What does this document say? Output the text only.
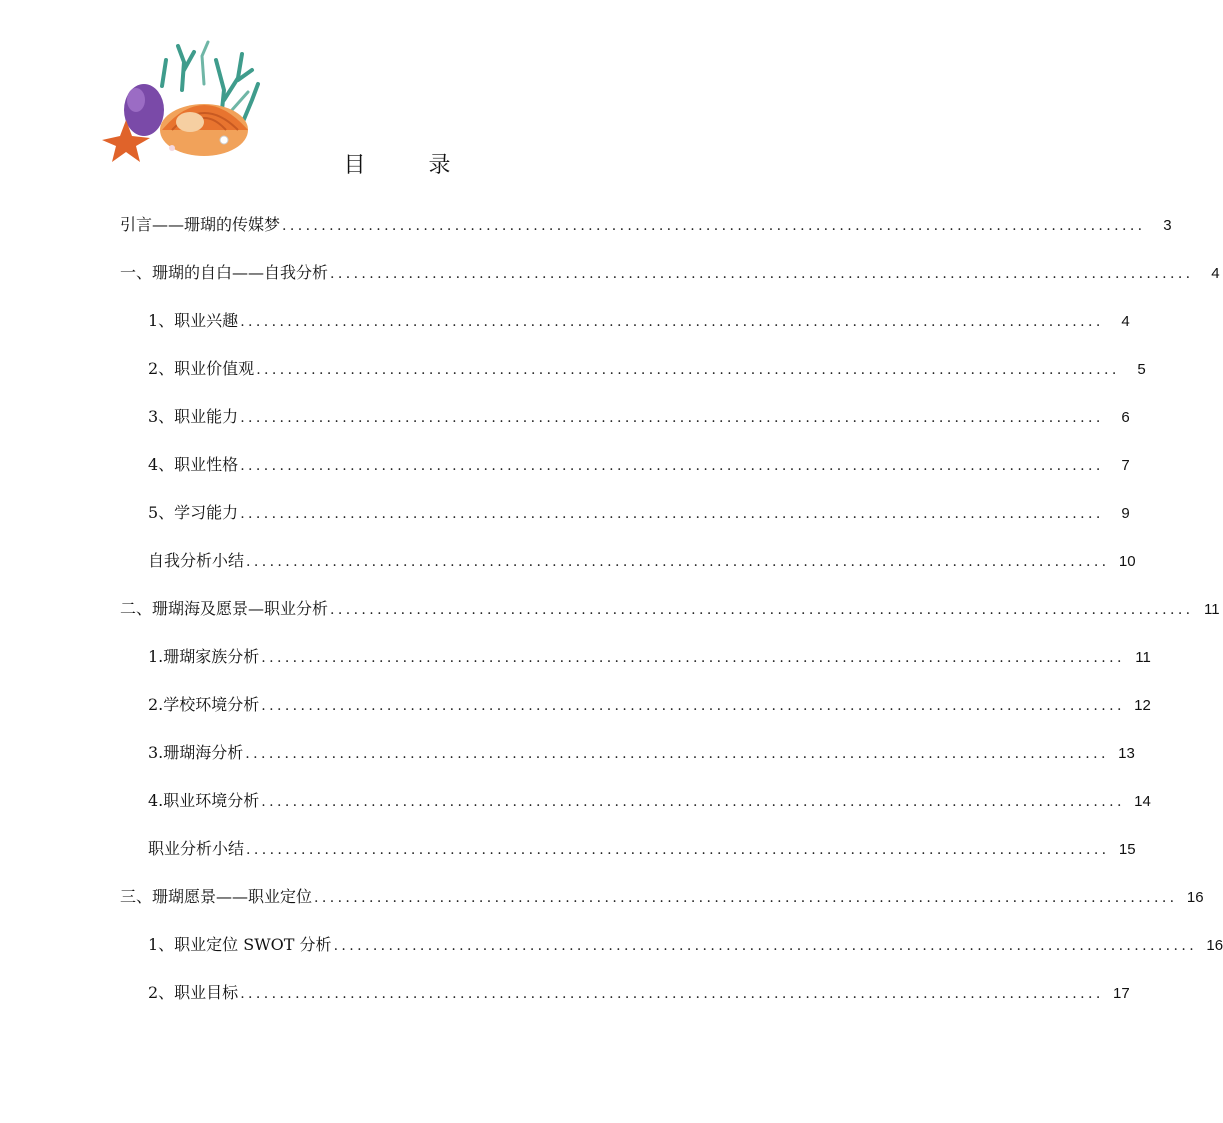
目 录
引言——珊瑚的传媒梦 ..............................................................................................................	3
一、珊瑚的自白——自我分析 ..............................................................................................................	4
1、职业兴趣 ..............................................................................................................	4
2、职业价值观 ..............................................................................................................	5
3、职业能力 ..............................................................................................................	6
4、职业性格 ..............................................................................................................	7
5、学习能力 ..............................................................................................................	9
自我分析小结 .............................................................................................................. 10
二、珊瑚海及愿景—职业分析 .............................................................................................................. 11
1.珊瑚家族分析 .............................................................................................................. 11
2.学校环境分析 .............................................................................................................. 12
3.珊瑚海分析 .............................................................................................................. 13
4.职业环境分析 .............................................................................................................. 14
职业分析小结 .............................................................................................................. 15
三、珊瑚愿景——职业定位 .............................................................................................................. 16
1、职业定位 SWOT 分析 .............................................................................................................. 16
2、职业目标 .............................................................................................................. 17
